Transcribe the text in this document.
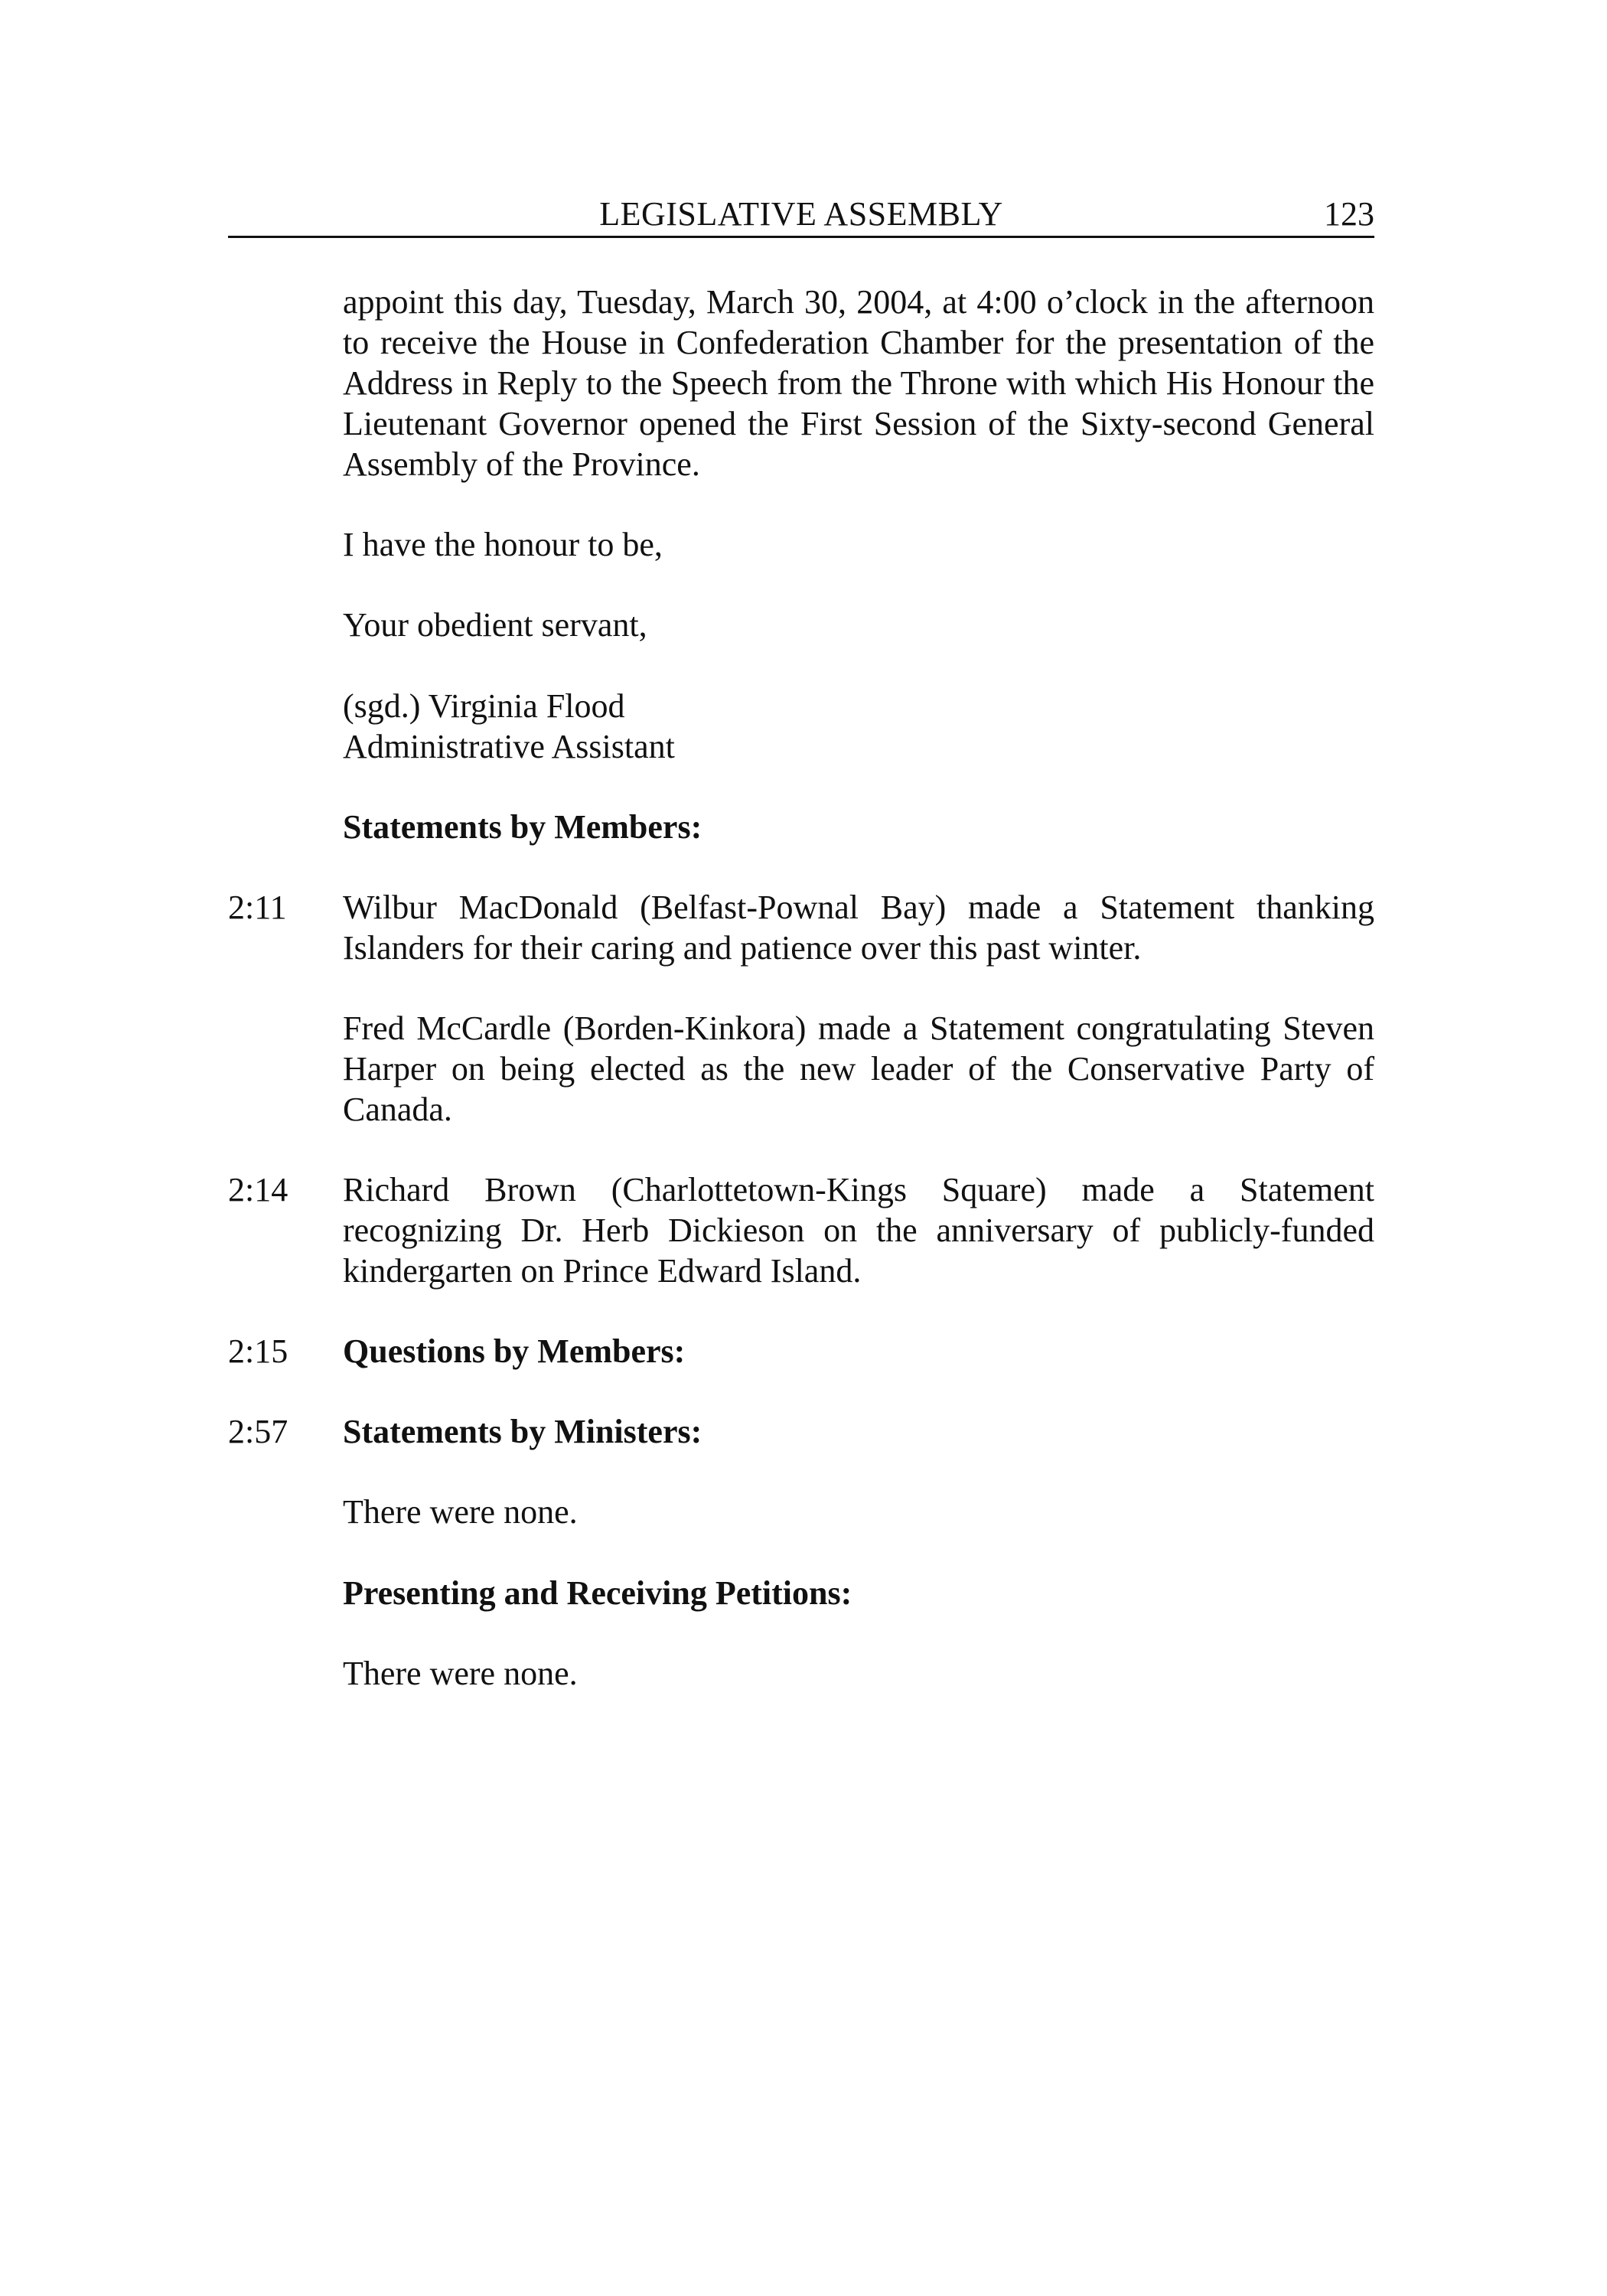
LEGISLATIVE ASSEMBLY	123

appoint this day, Tuesday, March 30, 2004, at 4:00 o’clock in the afternoon to receive the House in Confederation Chamber for the presentation of the Address in Reply to the Speech from the Throne with which His Honour the Lieutenant Governor opened the First Session of the Sixty-second General Assembly of the Province.

I have the honour to be,

Your obedient servant,

(sgd.) Virginia Flood

Administrative Assistant

Statements by Members:

2:11	Wilbur MacDonald (Belfast-Pownal Bay) made a Statement thanking Islanders for their caring and patience over this past winter.

Fred McCardle (Borden-Kinkora) made a Statement congratulating Steven Harper on being elected as the new leader of the Conservative Party of Canada.

2:14	Richard Brown (Charlottetown-Kings Square) made a Statement recognizing Dr. Herb Dickieson on the anniversary of publicly-funded kindergarten on Prince Edward Island.

2:15	Questions by Members:

2:57	Statements by Ministers:

There were none.

Presenting and Receiving Petitions:

There were none.
